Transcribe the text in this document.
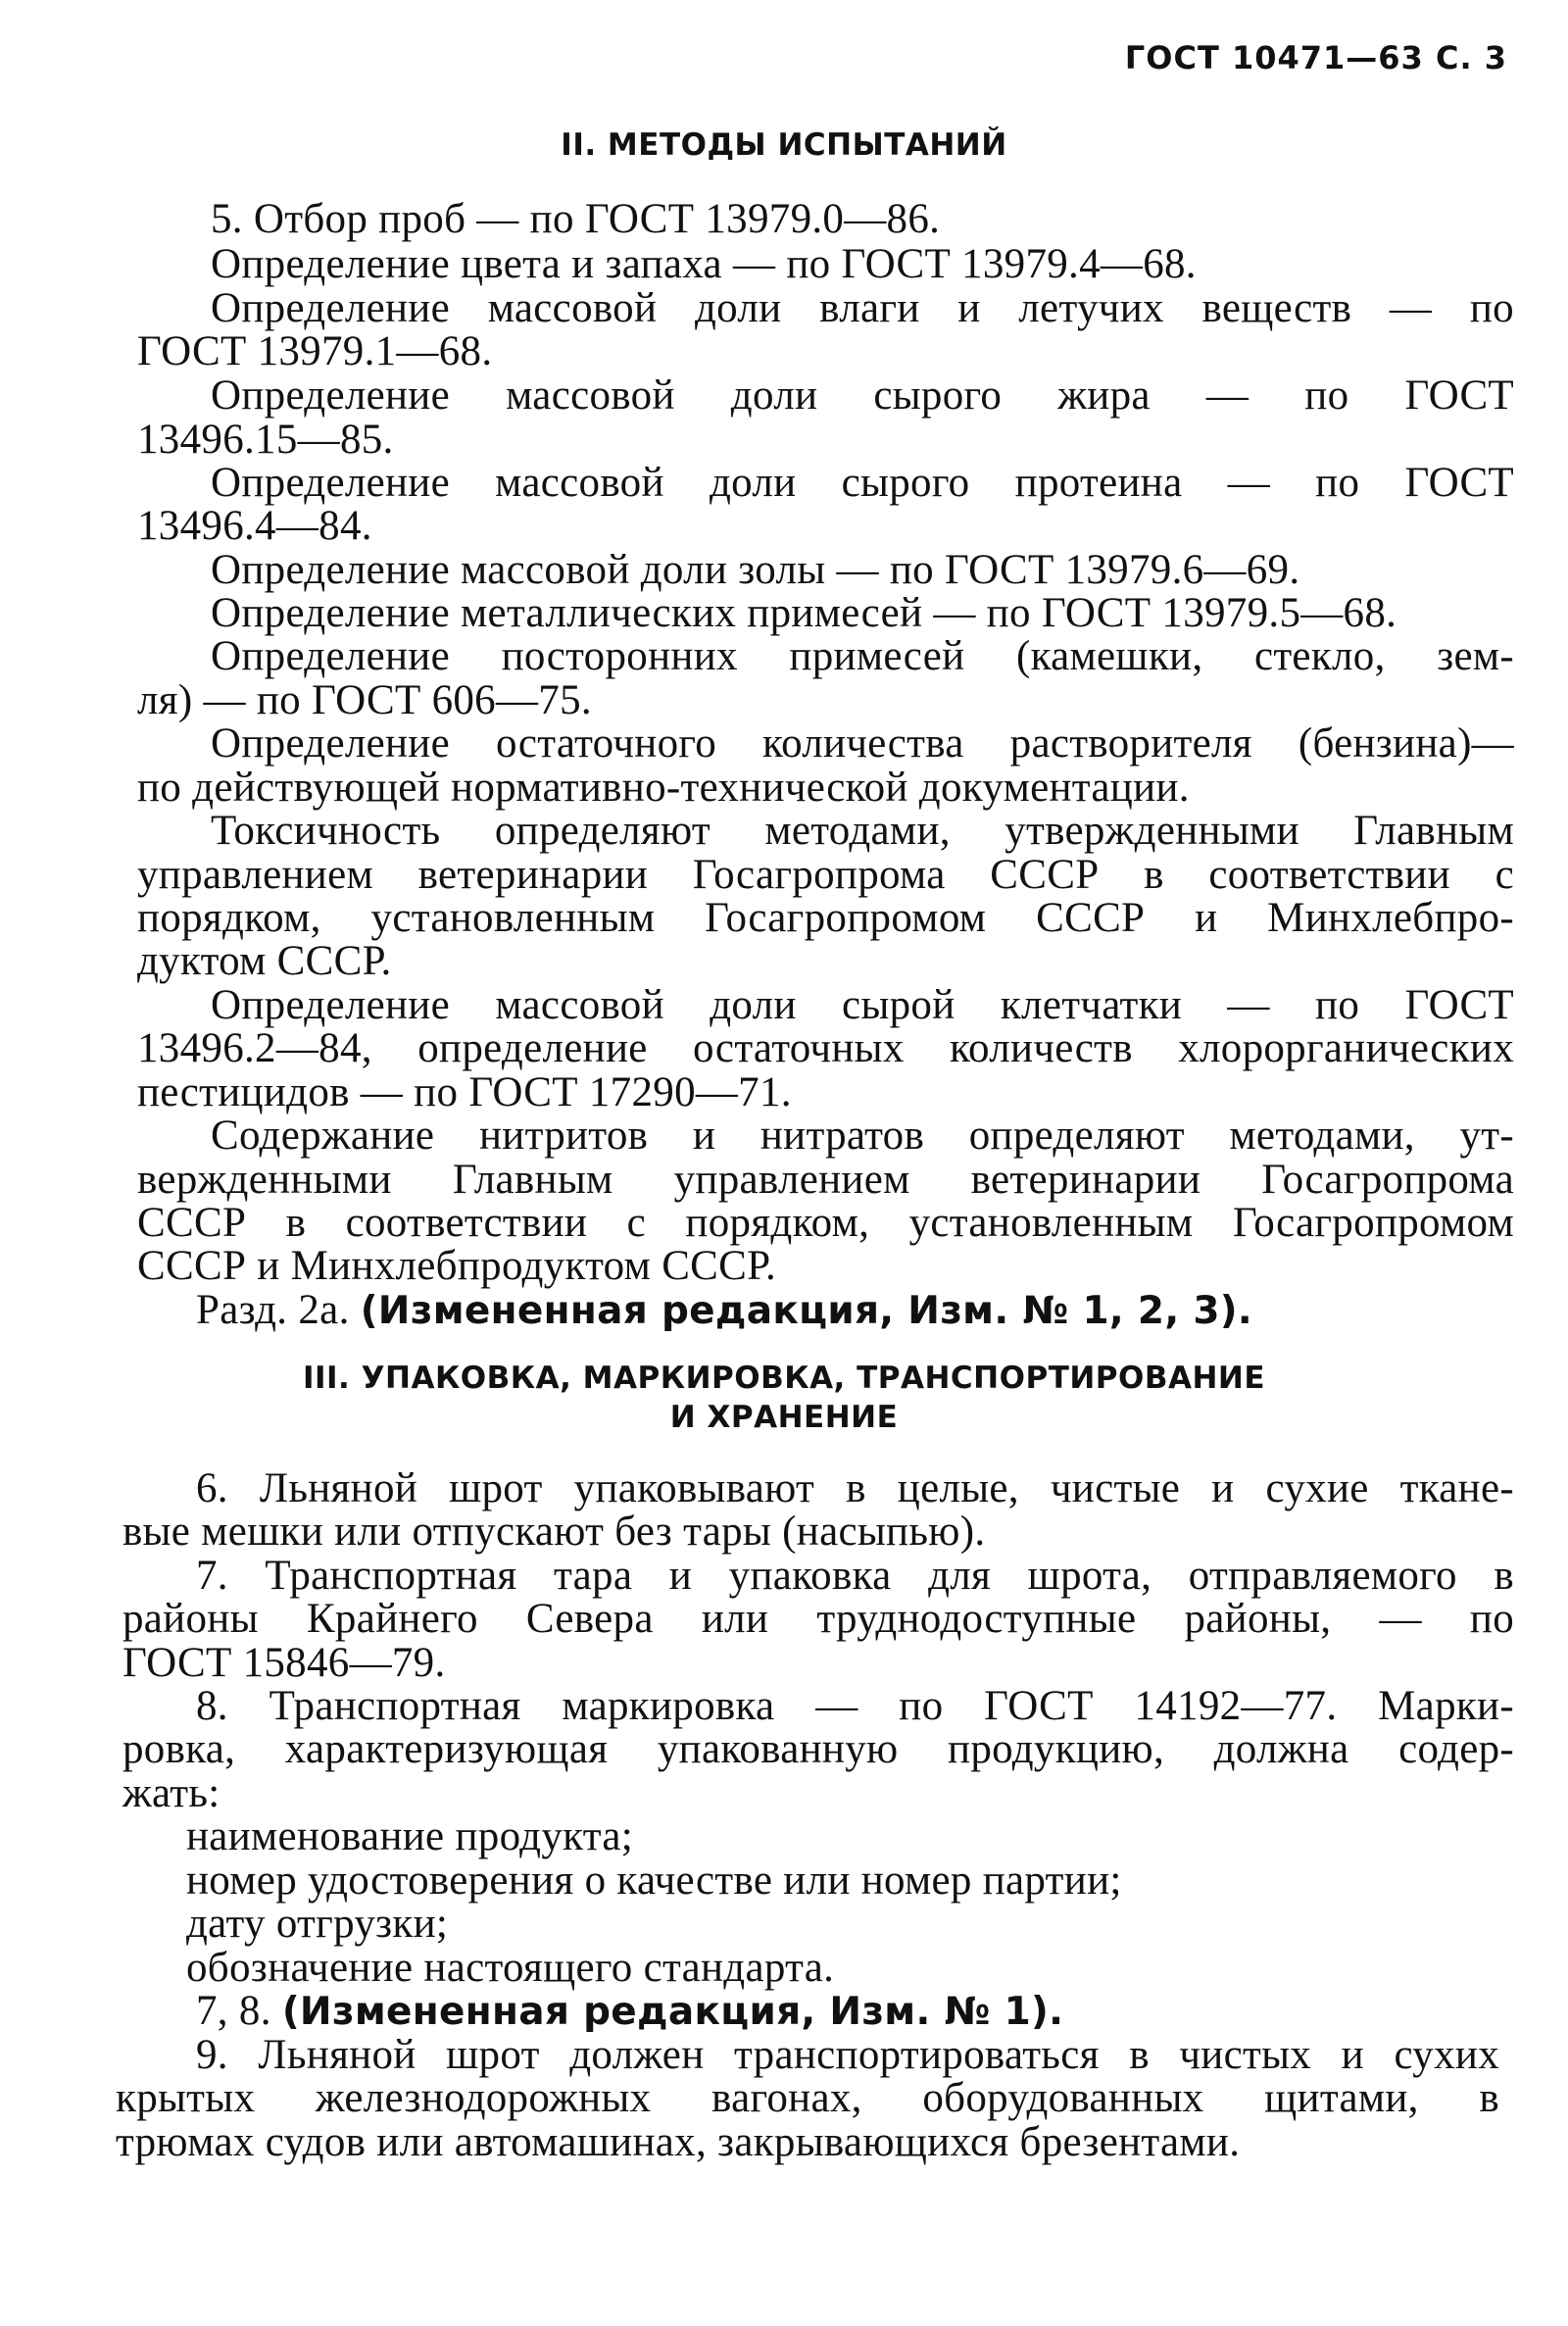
ГОСТ 10471—63 С. 3
II. МЕТОДЫ ИСПЫТАНИЙ
5. Отбор проб — по ГОСТ 13979.0—86.
Определение цвета и запаха — по ГОСТ 13979.4—68.
Определение массовой доли влаги и летучих веществ — по
ГОСТ 13979.1—68.
Определение массовой доли сырого жира — по ГОСТ
13496.15—85.
Определение массовой доли сырого протеина — по ГОСТ
13496.4—84.
Определение массовой доли золы — по ГОСТ 13979.6—69.
Определение металлических примесей — по ГОСТ 13979.5—68.
Определение посторонних примесей (камешки, стекло, зем-
ля) — по ГОСТ 606—75.
Определение остаточного количества растворителя (бензина)—
по действующей нормативно-технической документации.
Токсичность определяют методами, утвержденными Главным
управлением ветеринарии Госагропрома СССР в соответствии с
порядком, установленным Госагропромом СССР и Минхлебпро-
дуктом СССР.
Определение массовой доли сырой клетчатки — по ГОСТ
13496.2—84, определение остаточных количеств хлорорганических
пестицидов — по ГОСТ 17290—71.
Содержание нитритов и нитратов определяют методами, ут-
вержденными Главным управлением ветеринарии Госагропрома
СССР в соответствии с порядком, установленным Госагропромом
СССР и Минхлебпродуктом СССР.
Разд. 2а. (Измененная редакция, Изм. № 1, 2, 3).
III. УПАКОВКА, МАРКИРОВКА, ТРАНСПОРТИРОВАНИЕ
И ХРАНЕНИЕ
6. Льняной шрот упаковывают в целые, чистые и сухие ткане-
вые мешки или отпускают без тары (насыпью).
7. Транспортная тара и упаковка для шрота, отправляемого в
районы Крайнего Севера или труднодоступные районы, — по
ГОСТ 15846—79.
8. Транспортная маркировка — по ГОСТ 14192—77. Марки-
ровка, характеризующая упакованную продукцию, должна содер-
жать:
наименование продукта;
номер удостоверения о качестве или номер партии;
дату отгрузки;
обозначение настоящего стандарта.
7, 8. (Измененная редакция, Изм. № 1).
9. Льняной шрот должен транспортироваться в чистых и сухих
крытых железнодорожных вагонах, оборудованных щитами, в
трюмах судов или автомашинах, закрывающихся брезентами.
